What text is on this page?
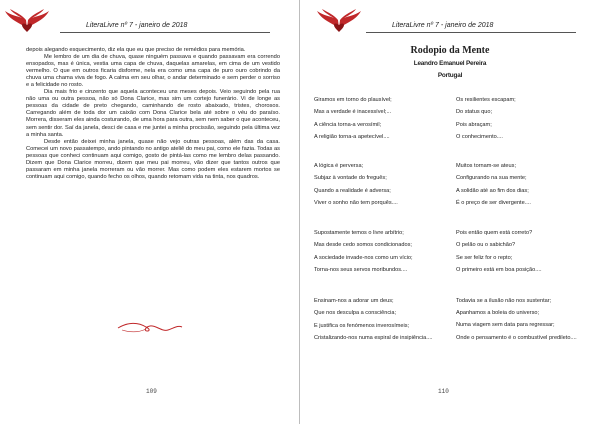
LiteraLivre nº 7 - janeiro de 2018

depois alegando esquecimento, diz ela que eu que preciso de remédios para memória.

Me lembro de um dia de chuva, quase ninguém passava e quando passavam era correndo ensopados, mas é única, vestia uma capa de chuva, daquelas amarelas, em cima de um vestido vermelho. O que em outros ficaria disforme, nela era como uma capa de puro ouro cobrindo da chuva uma chama viva de fogo. A calma em seu olhar, o andar determinado e sem perder o sorriso e a felicidade no rosto.

Dia mais frio e cinzento que aquela aconteceu uns meses depois. Veio seguindo pela rua não uma ou outra pessoa, não só Dona Clarice, mas sim um cortejo funerário. Vi de longe as pessoas da cidade de preto chegando, caminhando de rosto abaixado, tristes, chorosos. Carregando além de toda dor um caixão com Dona Clarice bela até sobre o véu do paraíso. Morrera, disseram eles ainda costurando, de uma hora para outra, sem nem saber o que aconteceu, sem sentir dor. Saí da janela, desci de casa e me juntei a minha procissão, seguindo pela última vez a minha santa.

Desde então deixei minha janela, quase não vejo outras pessoas, além das da casa. Comecei um novo passatempo, ando pintando no antigo ateliê do meu pai, como ele fazia. Todas as pessoas que conheci continuam aqui comigo, gosto de pintá-las como me lembro delas passando. Dizem que Dona Clarice morreu, dizem que meu pai morreu, vão dizer que tantos outros que passaram em minha janela morreram ou vão morrer. Mas como podem eles estarem mortos se continuam aqui comigo, quando fecho os olhos, quando retomam vida na tinta, nos quadros.

109
LiteraLivre nº 7 - janeiro de 2018
Rodopio da Mente
Leandro Emanuel Pereira
Portugal
Giramos em torno do plausível;
Mas a verdade é inacessível;...
A ciência torna-a verosímil;
A religião torna-a apetecível....
Os resilientes escapam;
Do status quo;
Pois abraçam;
O conhecimento....
A lógica é perversa;
Subjaz à vontade do freguês;
Quando a realidade é adversa;
Viver o sonho não tem porquês....
Muitos tornam-se ateus;
Configurando na sua mente;
A solidão até ao fim dos dias;
É o preço de ser divergente....
Supostamente temos o livre arbítrio;
Mas desde cedo somos condicionados;
A sociedade invade-nos como um vício;
Torna-nos seus servos moribundos....
Pois então quem está correto?
O pelão ou o sabichão?
Se ser feliz for o repto;
O primeiro está em boa posição....
Ensinam-nos a adorar um deus;
Que nos desculpa a consciência;
E justifica os fenómenos inverosímeis;
Cristalizando-nos numa espiral de insipiência....
Todavia se a ilusão não nos sustentar;
Apanhamos a boleia do universo;
Numa viagem sem data para regressar;
Onde o pensamento é o combustível predileto....
110
